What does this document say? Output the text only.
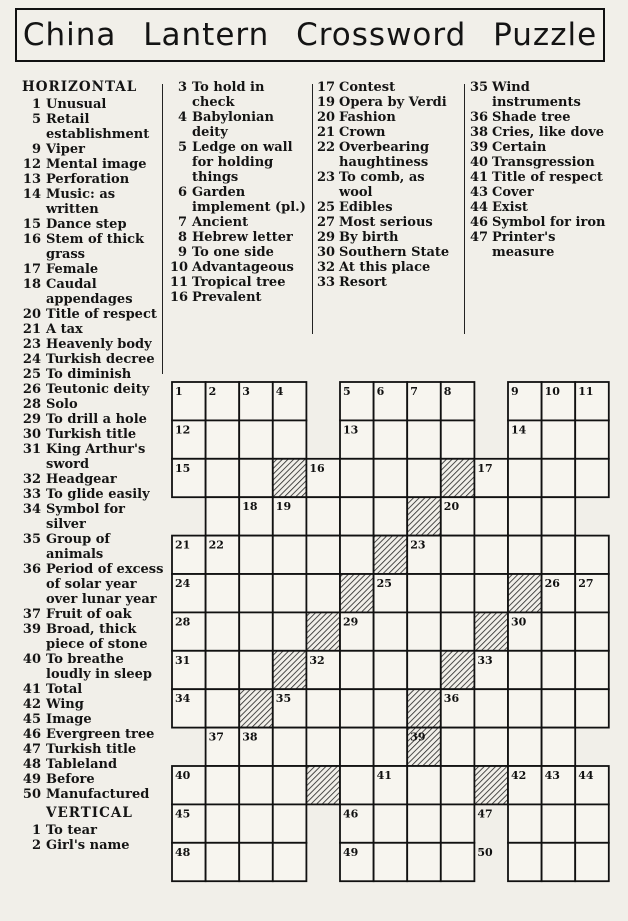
China Lantern Crossword Puzzle
HORIZONTAL
1 Unusual
5 Retail establishment
9 Viper
12 Mental image
13 Perforation
14 Music: as written
15 Dance step
16 Stem of thick grass
17 Female
18 Caudal appendages
20 Title of respect
21 A tax
23 Heavenly body
24 Turkish decree
25 To diminish
26 Teutonic deity
28 Solo
29 To drill a hole
30 Turkish title
31 King Arthur's sword
32 Headgear
33 To glide easily
34 Symbol for silver
35 Group of animals
36 Period of excess of solar year over lunar year
37 Fruit of oak
39 Broad, thick piece of stone
40 To breathe loudly in sleep
41 Total
42 Wing
45 Image
46 Evergreen tree
47 Turkish title
48 Tableland
49 Before
50 Manufactured
VERTICAL
1 To tear
2 Girl's name
3 To hold in check
4 Babylonian deity
5 Ledge on wall for holding things
6 Garden implement (pl.)
7 Ancient
8 Hebrew letter
9 To one side
10 Advantageous
11 Tropical tree
16 Prevalent
17 Contest
19 Opera by Verdi
20 Fashion
21 Crown
22 Overbearing haughtiness
23 To comb, as wool
25 Edibles
27 Most serious
29 By birth
30 Southern State
32 At this place
33 Resort
35 Wind instruments
36 Shade tree
38 Cries, like dove
39 Certain
40 Transgression
41 Title of respect
43 Cover
44 Exist
46 Symbol for iron
47 Printer's measure
1 2 3 4	5 6 7 8	9 10 11
12	13	14
15	16	17
18 19	20
21 22	23
24	25	26 27
28	29	30
31	32	33
34	35	36
37 38	39
40	41	42 43 44
45	46	47
48	49	50
